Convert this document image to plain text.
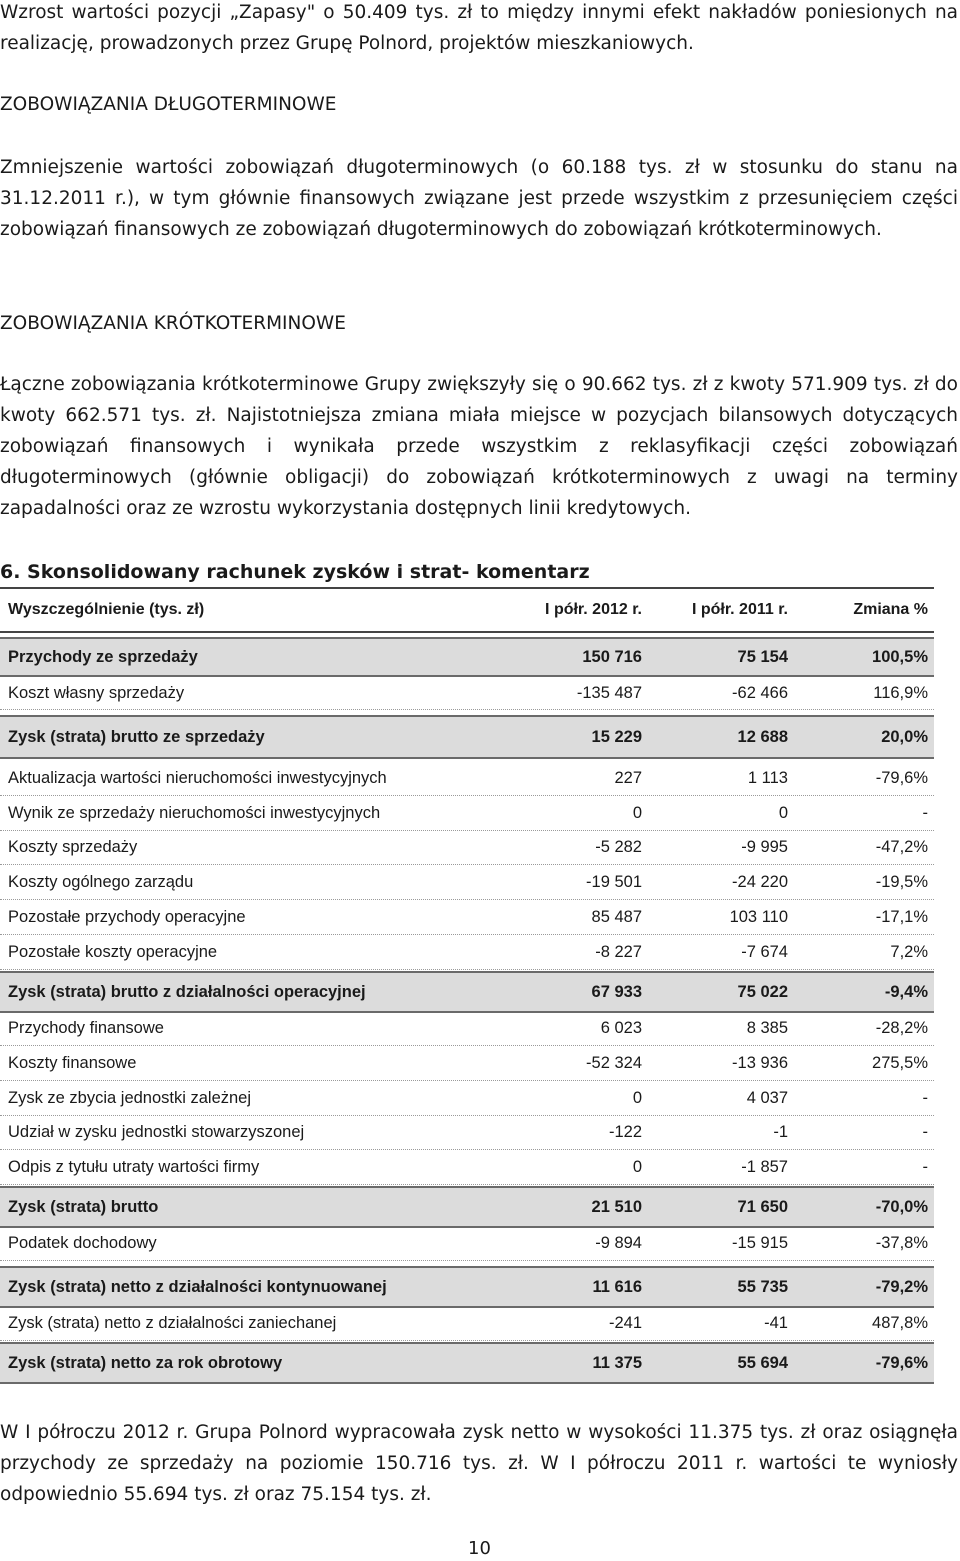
Wzrost wartości pozycji „Zapasy" o 50.409 tys. zł to między innymi efekt nakładów poniesionych na realizację, prowadzonych przez Grupę Polnord, projektów mieszkaniowych.

ZOBOWIĄZANIA DŁUGOTERMINOWE

Zmniejszenie wartości zobowiązań długoterminowych (o 60.188 tys. zł w stosunku do stanu na 31.12.2011 r.), w tym głównie finansowych związane jest przede wszystkim z przesunięciem części zobowiązań finansowych ze zobowiązań długoterminowych do zobowiązań krótkoterminowych.

ZOBOWIĄZANIA KRÓTKOTERMINOWE

Łączne zobowiązania krótkoterminowe Grupy zwiększyły się o 90.662 tys. zł z kwoty 571.909 tys. zł do kwoty 662.571 tys. zł. Najistotniejsza zmiana miała miejsce w pozycjach bilansowych dotyczących zobowiązań finansowych i wynikała przede wszystkim z reklasyfikacji części zobowiązań długoterminowych (głównie obligacji) do zobowiązań krótkoterminowych z uwagi na terminy zapadalności oraz ze wzrostu wykorzystania dostępnych linii kredytowych.

6. Skonsolidowany rachunek zysków i strat- komentarz

Wyszczególnienie (tys. zł)	I półr. 2012 r.	I półr. 2011 r.	Zmiana %
Przychody ze sprzedaży	150 716	75 154	100,5%
Koszt własny sprzedaży	-135 487	-62 466	116,9%
Zysk (strata) brutto ze sprzedaży	15 229	12 688	20,0%
Aktualizacja wartości nieruchomości inwestycyjnych	227	1 113	-79,6%
Wynik ze sprzedaży nieruchomości inwestycyjnych	0	0	-
Koszty sprzedaży	-5 282	-9 995	-47,2%
Koszty ogólnego zarządu	-19 501	-24 220	-19,5%
Pozostałe przychody operacyjne	85 487	103 110	-17,1%
Pozostałe koszty operacyjne	-8 227	-7 674	7,2%
Zysk (strata) brutto z działalności operacyjnej	67 933	75 022	-9,4%
Przychody finansowe	6 023	8 385	-28,2%
Koszty finansowe	-52 324	-13 936	275,5%
Zysk ze zbycia jednostki zależnej	0	4 037	-
Udział w zysku jednostki stowarzyszonej	-122	-1	-
Odpis z tytułu utraty wartości firmy	0	-1 857	-
Zysk (strata) brutto	21 510	71 650	-70,0%
Podatek dochodowy	-9 894	-15 915	-37,8%
Zysk (strata) netto z działalności kontynuowanej	11 616	55 735	-79,2%
Zysk (strata) netto z działalności zaniechanej	-241	-41	487,8%
Zysk (strata) netto za rok obrotowy	11 375	55 694	-79,6%

W I półroczu 2012 r. Grupa Polnord wypracowała zysk netto w wysokości 11.375 tys. zł oraz osiągnęła przychody ze sprzedaży na poziomie 150.716 tys. zł. W I półroczu 2011 r. wartości te wyniosły odpowiednio 55.694 tys. zł oraz 75.154 tys. zł.

10
